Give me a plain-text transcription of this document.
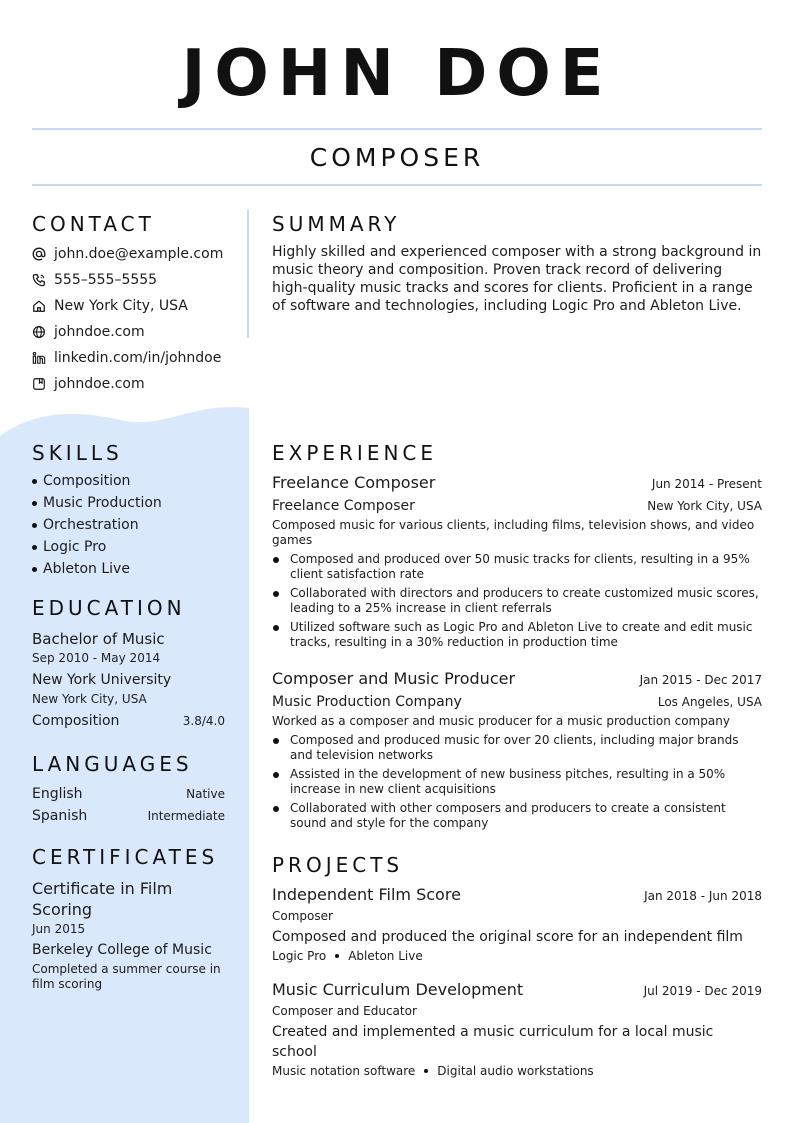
JOHN DOE
COMPOSER
CONTACT
john.doe@example.com
555–555–5555
New York City, USA
johndoe.com
linkedin.com/in/johndoe
johndoe.com
SKILLS
Composition
Music Production
Orchestration
Logic Pro
Ableton Live
EDUCATION
Bachelor of Music
Sep 2010 - May 2014
New York University
New York City, USA
Composition	3.8/4.0
LANGUAGES
English	Native
Spanish	Intermediate
CERTIFICATES
Certificate in Film Scoring
Jun 2015
Berkeley College of Music
Completed a summer course in film scoring
SUMMARY
Highly skilled and experienced composer with a strong background in music theory and composition. Proven track record of delivering high-quality music tracks and scores for clients. Proficient in a range of software and technologies, including Logic Pro and Ableton Live.
EXPERIENCE
Freelance Composer	Jun 2014 - Present
Freelance Composer	New York City, USA
Composed music for various clients, including films, television shows, and video games
Composed and produced over 50 music tracks for clients, resulting in a 95% client satisfaction rate
Collaborated with directors and producers to create customized music scores, leading to a 25% increase in client referrals
Utilized software such as Logic Pro and Ableton Live to create and edit music tracks, resulting in a 30% reduction in production time
Composer and Music Producer	Jan 2015 - Dec 2017
Music Production Company	Los Angeles, USA
Worked as a composer and music producer for a music production company
Composed and produced music for over 20 clients, including major brands and television networks
Assisted in the development of new business pitches, resulting in a 50% increase in new client acquisitions
Collaborated with other composers and producers to create a consistent sound and style for the company
PROJECTS
Independent Film Score	Jan 2018 - Jun 2018
Composer
Composed and produced the original score for an independent film
Logic Pro Ableton Live
Music Curriculum Development	Jul 2019 - Dec 2019
Composer and Educator
Created and implemented a music curriculum for a local music school
Music notation software Digital audio workstations
